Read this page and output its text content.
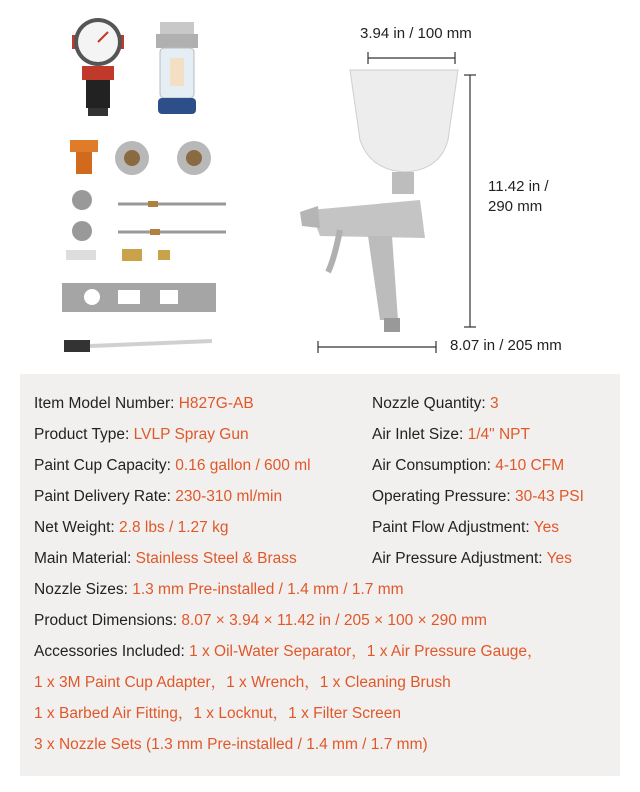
3.94 in / 100 mm
11.42 in /
290 mm
8.07 in / 205 mm
Item Model Number: H827G-AB	Nozzle Quantity: 3
Product Type: LVLP Spray Gun	Air Inlet Size: 1/4" NPT
Paint Cup Capacity: 0.16 gallon / 600 ml	Air Consumption: 4-10 CFM
Paint Delivery Rate: 230-310 ml/min	Operating Pressure: 30-43 PSI
Net Weight: 2.8 lbs / 1.27 kg	Paint Flow Adjustment: Yes
Main Material: Stainless Steel & Brass	Air Pressure Adjustment: Yes
Nozzle Sizes: 1.3 mm Pre-installed / 1.4 mm / 1.7 mm
Product Dimensions: 8.07 × 3.94 × 11.42 in / 205 × 100 × 290 mm
Accessories Included: 1 x Oil-Water Separator，1 x Air Pressure Gauge，
1 x 3M Paint Cup Adapter，1 x Wrench，1 x Cleaning Brush
1 x Barbed Air Fitting，1 x Locknut，1 x Filter Screen
3 x Nozzle Sets (1.3 mm Pre-installed / 1.4 mm / 1.7 mm)
